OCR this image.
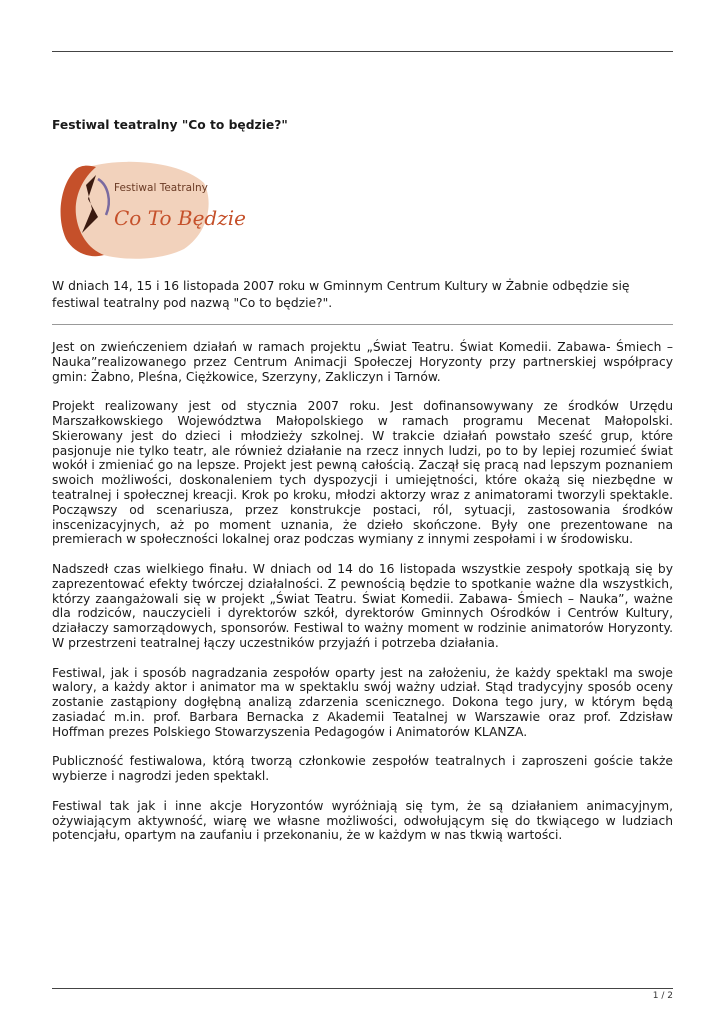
Festiwal teatralny "Co to będzie?"
Festiwal Teatralny
Co To Będzie

W dniach 14, 15 i 16 listopada 2007 roku w Gminnym Centrum Kultury w Żabnie odbędzie się festiwal teatralny pod nazwą "Co to będzie?".

Jest on zwieńczeniem działań w ramach projektu „Świat Teatru. Świat Komedii. Zabawa- Śmiech – Nauka”realizowanego przez Centrum Animacji Społeczej Horyzonty przy partnerskiej współpracy gmin: Żabno, Pleśna, Ciężkowice, Szerzyny, Zakliczyn i Tarnów.

Projekt realizowany jest od stycznia 2007 roku. Jest dofinansowywany ze środków Urzędu Marszałkowskiego Województwa Małopolskiego w ramach programu Mecenat Małopolski. Skierowany jest do dzieci i młodzieży szkolnej. W trakcie działań powstało sześć grup, które pasjonuje nie tylko teatr, ale również działanie na rzecz innych ludzi, po to by lepiej rozumieć świat wokół i zmieniać go na lepsze. Projekt jest pewną całością. Zaczął się pracą nad lepszym poznaniem swoich możliwości, doskonaleniem tych dyspozycji i umiejętności, które okażą się niezbędne w teatralnej i społecznej kreacji. Krok po kroku, młodzi aktorzy wraz z animatorami tworzyli spektakle. Począwszy od scenariusza, przez konstrukcje postaci, ról, sytuacji, zastosowania środków inscenizacyjnych, aż po moment uznania, że dzieło skończone. Były one prezentowane na premierach w społeczności lokalnej oraz podczas wymiany z innymi zespołami i w środowisku.

Nadszedł czas wielkiego finału. W dniach od 14 do 16 listopada wszystkie zespoły spotkają się by zaprezentować efekty twórczej działalności. Z pewnością będzie to spotkanie ważne dla wszystkich, którzy zaangażowali się w projekt „Świat Teatru. Świat Komedii. Zabawa- Śmiech – Nauka”, ważne dla rodziców, nauczycieli i dyrektorów szkół, dyrektorów Gminnych Ośrodków i Centrów Kultury, działaczy samorządowych, sponsorów. Festiwal to ważny moment w rodzinie animatorów Horyzonty. W przestrzeni teatralnej łączy uczestników przyjaźń i potrzeba działania.

Festiwal, jak i sposób nagradzania zespołów oparty jest na założeniu, że każdy spektakl ma swoje walory, a każdy aktor i animator ma w spektaklu swój ważny udział. Stąd tradycyjny sposób oceny zostanie zastąpiony dogłębną analizą zdarzenia scenicznego. Dokona tego jury, w którym będą zasiadać m.in. prof. Barbara Bernacka z Akademii Teatalnej w Warszawie oraz prof. Zdzisław Hoffman prezes Polskiego Stowarzyszenia Pedagogów i Animatorów KLANZA.

Publiczność festiwalowa, którą tworzą członkowie zespołów teatralnych i zaproszeni goście także wybierze i nagrodzi jeden spektakl.

Festiwal tak jak i inne akcje Horyzontów wyróżniają się tym, że są działaniem animacyjnym, ożywiającym aktywność, wiarę we własne możliwości, odwołującym się do tkwiącego w ludziach potencjału, opartym na zaufaniu i przekonaniu, że w każdym w nas tkwią wartości.

1 / 2
